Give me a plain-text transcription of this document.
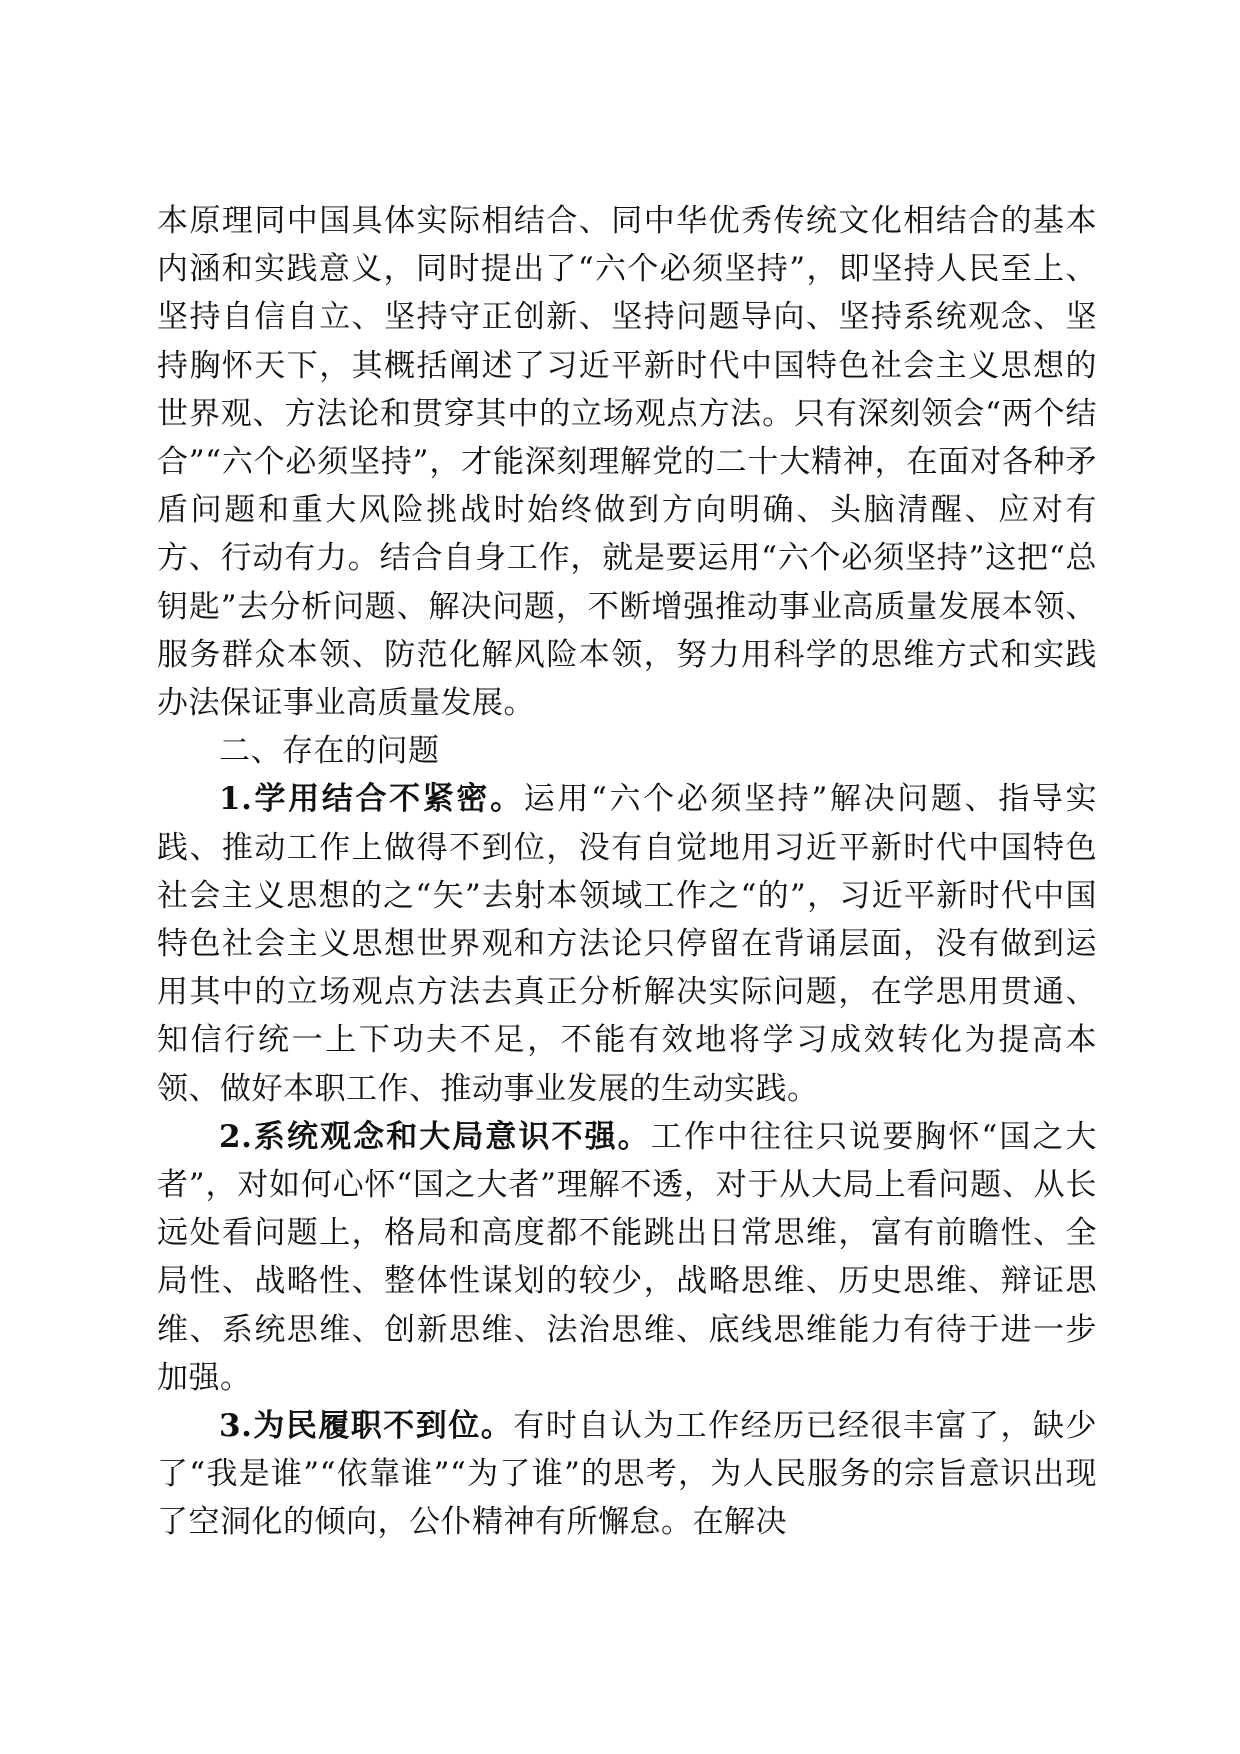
本原理同中国具体实际相结合、同中华优秀传统文化相结合的基本内涵和实践意义，同时提出了“六个必须坚持”，即坚持人民至上、坚持自信自立、坚持守正创新、坚持问题导向、坚持系统观念、坚持胸怀天下，其概括阐述了习近平新时代中国特色社会主义思想的世界观、方法论和贯穿其中的立场观点方法。只有深刻领会“两个结合”“六个必须坚持”，才能深刻理解党的二十大精神，在面对各种矛盾问题和重大风险挑战时始终做到方向明确、头脑清醒、应对有方、行动有力。结合自身工作，就是要运用“六个必须坚持”这把“总钥匙”去分析问题、解决问题，不断增强推动事业高质量发展本领、服务群众本领、防范化解风险本领，努力用科学的思维方式和实践办法保证事业高质量发展。

二、存在的问题

1.学用结合不紧密。运用“六个必须坚持”解决问题、指导实践、推动工作上做得不到位，没有自觉地用习近平新时代中国特色社会主义思想的之“矢”去射本领域工作之“的”，习近平新时代中国特色社会主义思想世界观和方法论只停留在背诵层面，没有做到运用其中的立场观点方法去真正分析解决实际问题，在学思用贯通、知信行统一上下功夫不足，不能有效地将学习成效转化为提高本领、做好本职工作、推动事业发展的生动实践。

2.系统观念和大局意识不强。工作中往往只说要胸怀“国之大者”，对如何心怀“国之大者”理解不透，对于从大局上看问题、从长远处看问题上，格局和高度都不能跳出日常思维，富有前瞻性、全局性、战略性、整体性谋划的较少，战略思维、历史思维、辩证思维、系统思维、创新思维、法治思维、底线思维能力有待于进一步加强。

3.为民履职不到位。有时自认为工作经历已经很丰富了，缺少了“我是谁”“依靠谁”“为了谁”的思考，为人民服务的宗旨意识出现了空洞化的倾向，公仆精神有所懈怠。在解决
